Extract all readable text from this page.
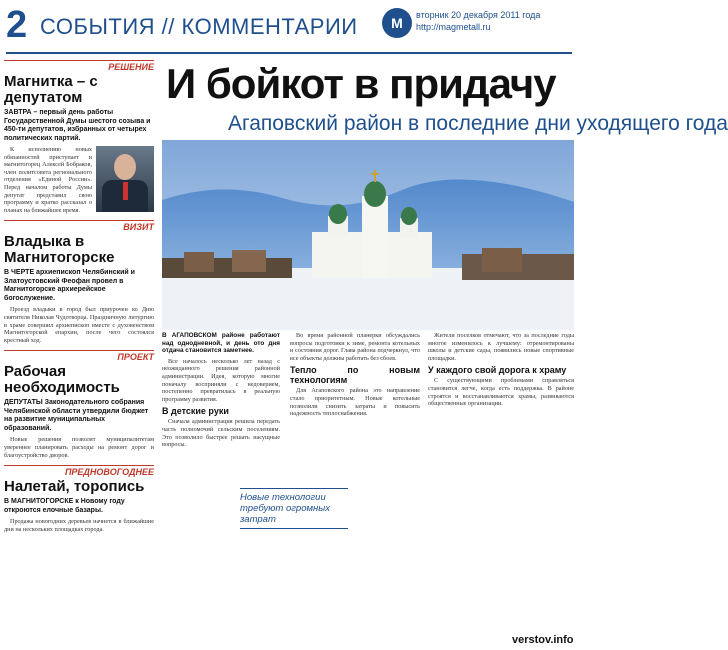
2 СОБЫТИЯ // КОММЕНТАРИИ	М	вторник 20 декабря 2011 года
http://magmetall.ru
РЕШЕНИЕ
Магнитка – с депутатом
ЗАВТРА – первый день работы Государственной Думы шестого созыва и 450-ти депутатов, избранных от четырех политических партий.

К исполнению новых обязанностей приступает и магнитогорец Алексей Бобраков, член политсовета регионального отделения «Единой России». Перед началом работы Думы депутат представил свою программу и кратко рассказал о планах на ближайшее время.

ВИЗИТ
Владыка в Магнитогорске
В ЧЕРТЕ архиепископ Челябинский и Златоустовский Феофан провел в Магнитогорске архиерейское богослужение.

Проезд владыки в город был приурочен ко Дню святителя Николая Чудотворца. Праздничную литургию в храме совершил архиепископ вместе с духовенством Магнитогорской епархии, после чего состоялся крестный ход.

ПРОЕКТ
Рабочая необходимость
ДЕПУТАТЫ Законодательного собрания Челябинской области утвердили бюджет на развитие муниципальных образований.

Новые решения позволят муниципалитетам увереннее планировать расходы на ремонт дорог и благоустройство дворов.

ПРЕДНОВОГОДНЕЕ
Налетай, торопись
В МАГНИТОГОРСКЕ к Новому году откроются елочные базары.

Продажа новогодних деревьев начнется в ближайшие дни на нескольких площадках города.

И бойкот в придачу
Агаповский район в последние дни уходящего года
В АГАПОВСКОМ районе работают над однодневной, и день ото дня отдача становится заметнее.

Все началось несколько лет назад с неожиданного решения районной администрации. Идея, которую многие поначалу восприняли с недоверием, постепенно превратилась в реальную программу развития.

В детские руки

Сначала администрация решила передать часть полномочий сельским поселениям. Это позволило быстрее решать насущные вопросы.

Во время районной планерки обсуждались вопросы подготовки к зиме, ремонта котельных и состояния дорог. Глава района подчеркнул, что все объекты должны работать без сбоев.

Тепло по новым технологиям

Для Агаповского района это направление стало приоритетным. Новые котельные позволили снизить затраты и повысить надежность теплоснабжения.

Жители поселков отмечают, что за последние годы многое изменилось к лучшему: отремонтированы школы и детские сады, появились новые спортивные площадки.

У каждого свой дорога к храму

С существующими проблемами справляться становится легче, когда есть поддержка. В районе строятся и восстанавливаются храмы, развиваются общественные организации.

Новые технологии требуют огромных затрат
verstov.info
